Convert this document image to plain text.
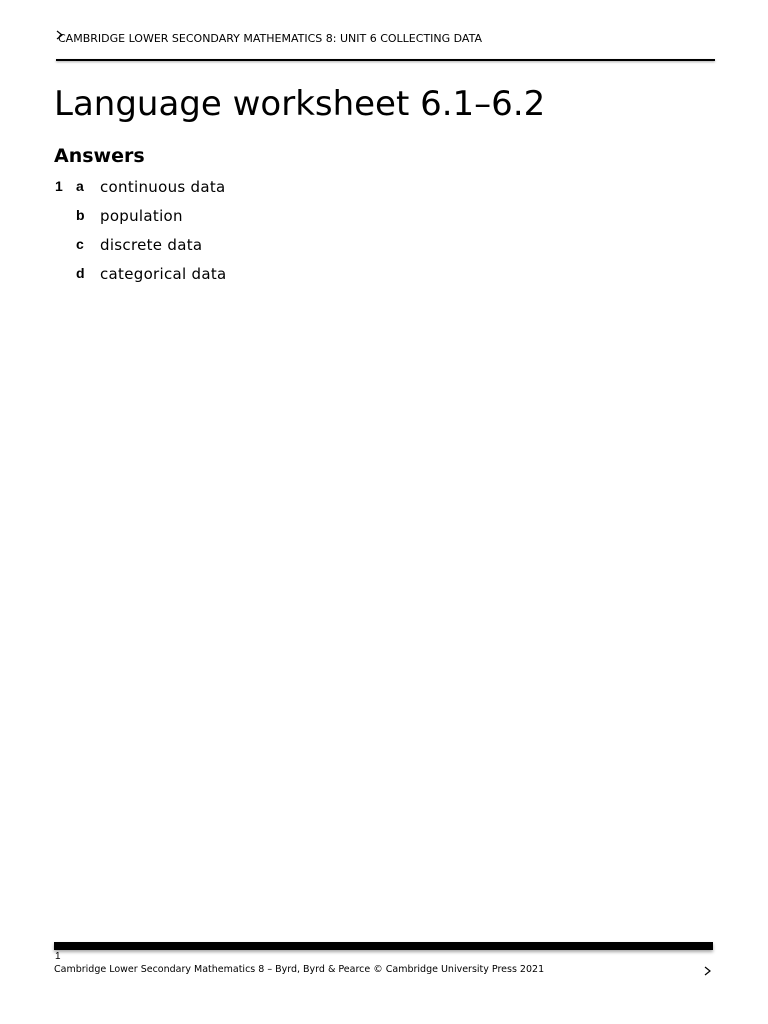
CAMBRIDGE LOWER SECONDARY MATHEMATICS 8: UNIT 6 COLLECTING DATA
Language worksheet 6.1–6.2
Answers
1 a continuous data
b population
c discrete data
d categorical data
1
Cambridge Lower Secondary Mathematics 8 – Byrd, Byrd & Pearce © Cambridge University Press 2021
